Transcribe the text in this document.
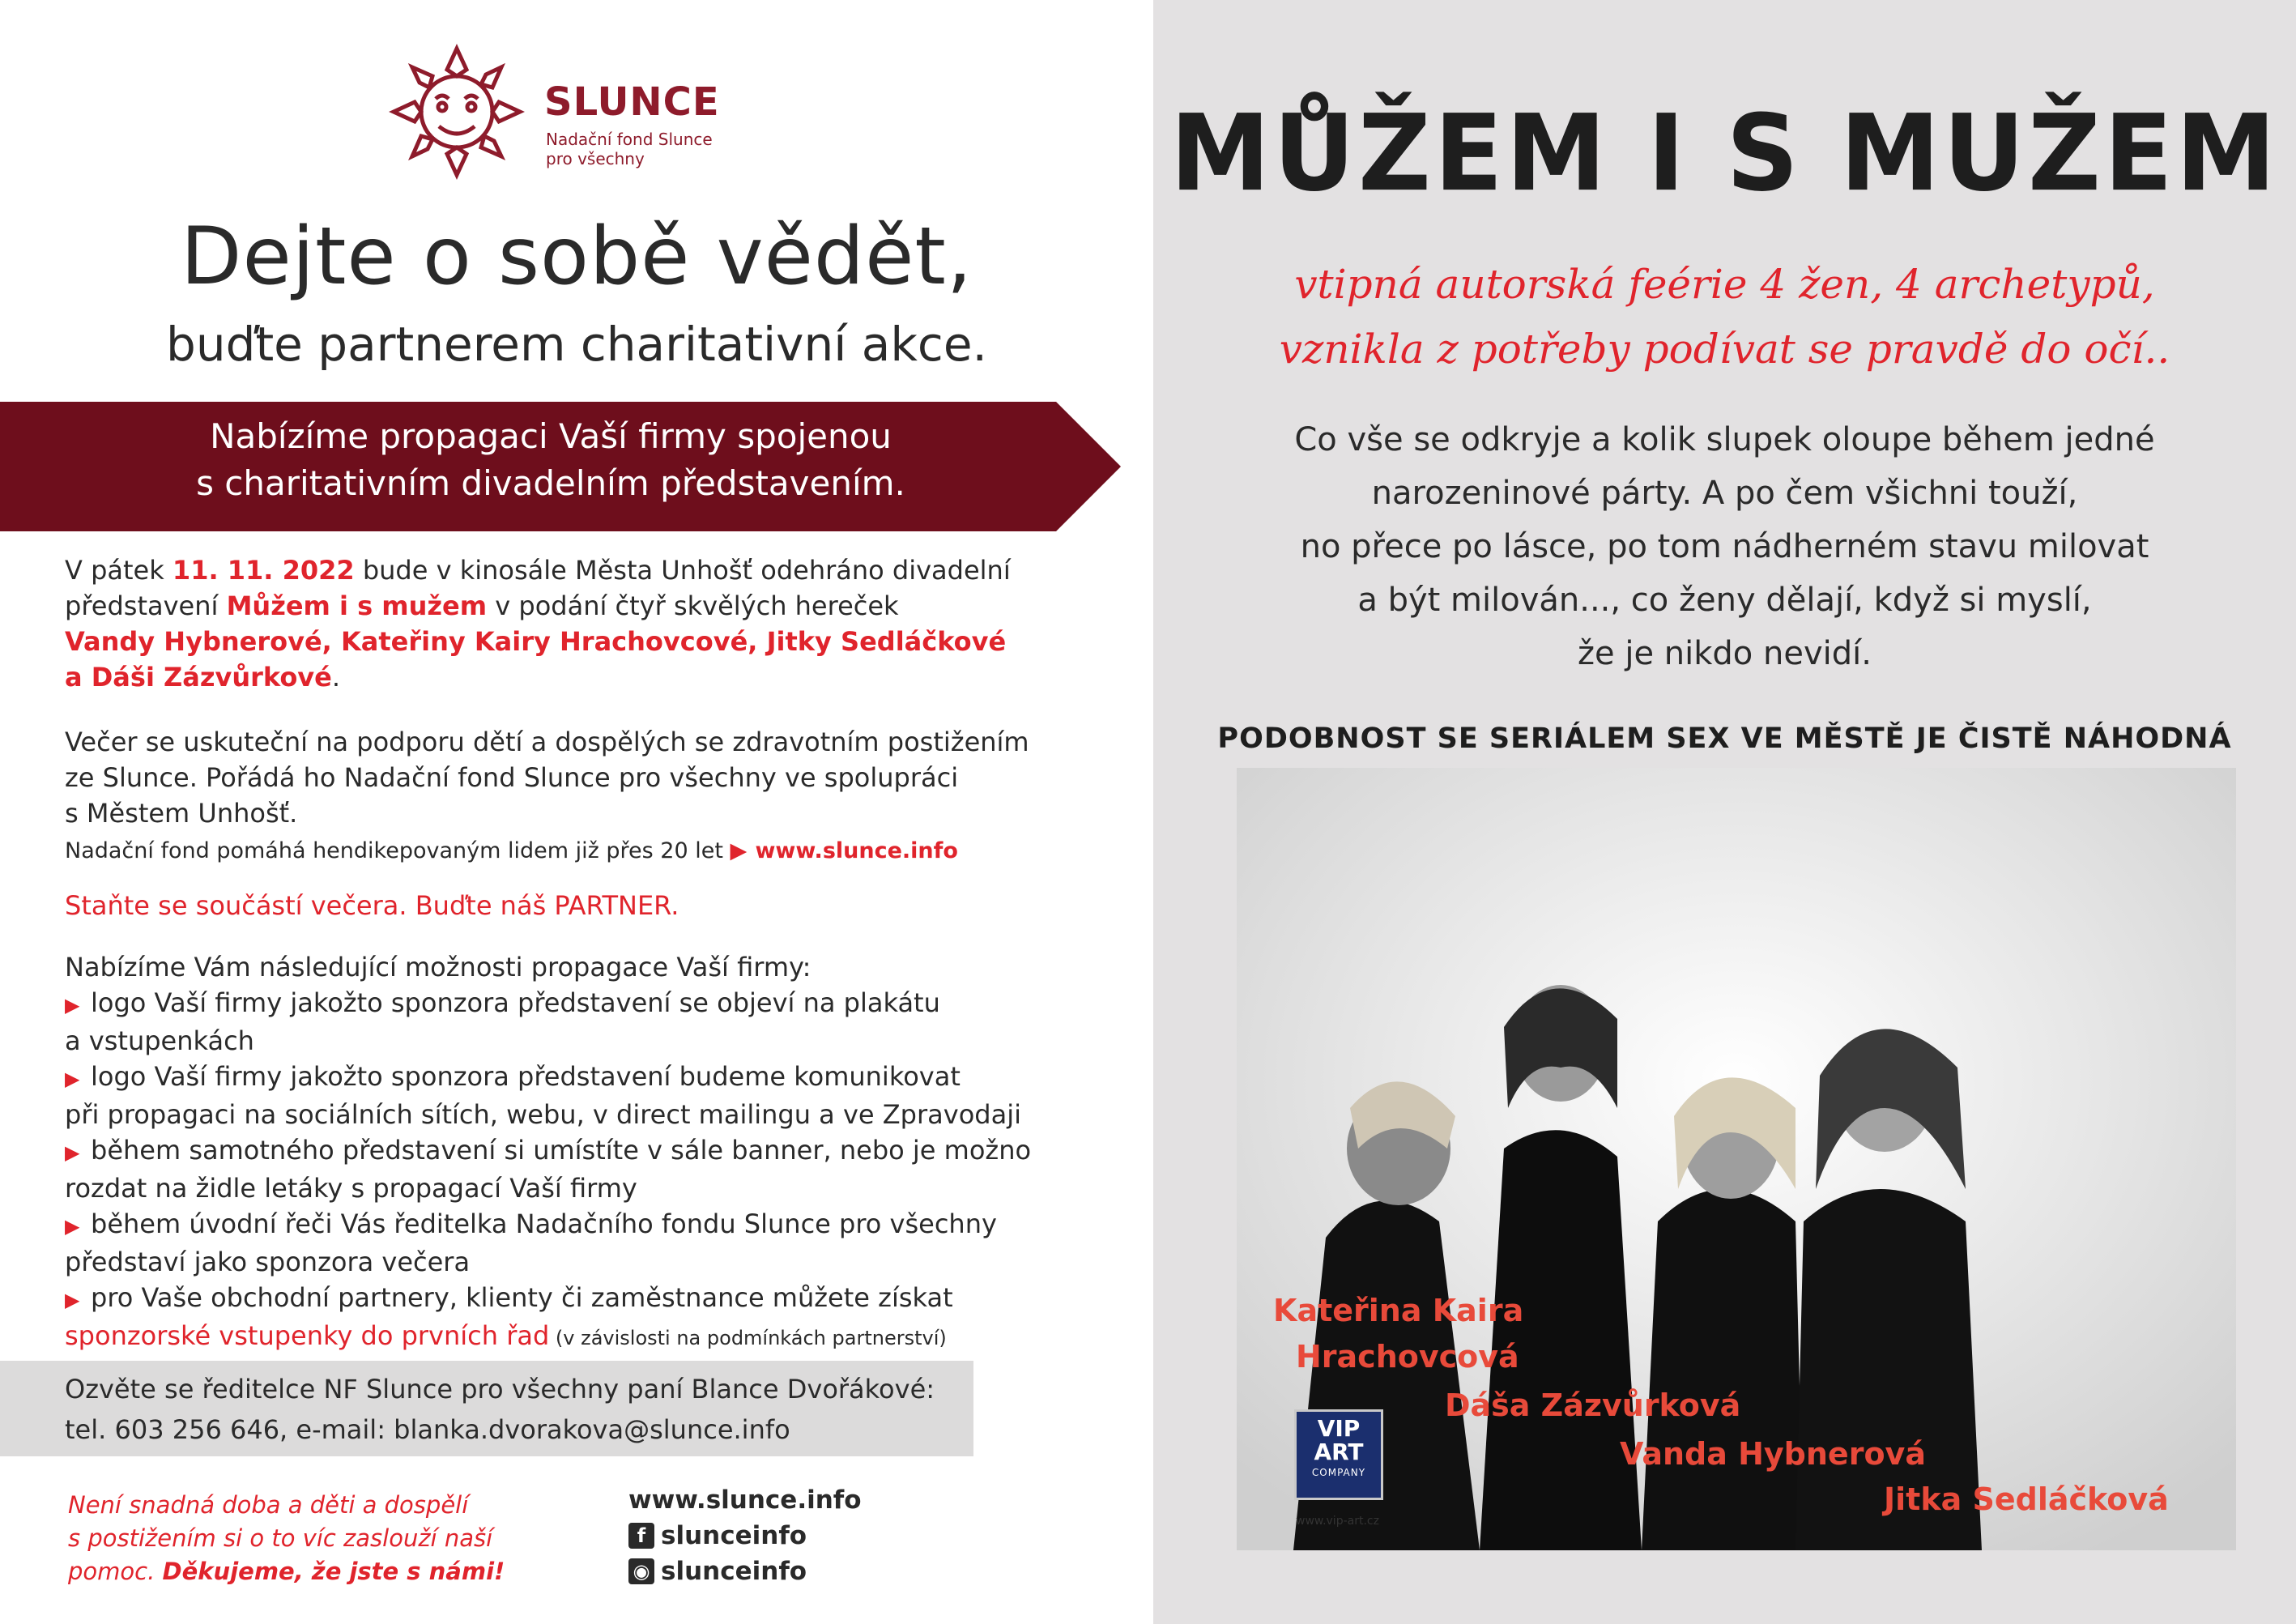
SLUNCE

Nadační fond Slunce
pro všechny

Dejte o sobě vědět,

buďte partnerem charitativní akce.

Nabízíme propagaci Vaší firmy spojenou
s charitativním divadelním představením.

V pátek 11. 11. 2022 bude v kinosále Města Unhošť odehráno divadelní
představení Můžem i s mužem v podání čtyř skvělých hereček
Vandy Hybnerové, Kateřiny Kairy Hrachovcové, Jitky Sedláčkové
a Dáši Zázvůrkové.

Večer se uskuteční na podporu dětí a dospělých se zdravotním postižením
ze Slunce. Pořádá ho Nadační fond Slunce pro všechny ve spolupráci
s Městem Unhošť.
Nadační fond pomáhá hendikepovaným lidem již přes 20 let ▶ www.slunce.info

Staňte se součástí večera. Buďte náš PARTNER.

Nabízíme Vám následující možnosti propagace Vaší firmy:
▶ logo Vaší firmy jakožto sponzora představení se objeví na plakátu
a vstupenkách
▶ logo Vaší firmy jakožto sponzora představení budeme komunikovat
při propagaci na sociálních sítích, webu, v direct mailingu a ve Zpravodaji
▶ během samotného představení si umístíte v sále banner, nebo je možno
rozdat na židle letáky s propagací Vaší firmy
▶ během úvodní řeči Vás ředitelka Nadačního fondu Slunce pro všechny
představí jako sponzora večera
▶ pro Vaše obchodní partnery, klienty či zaměstnance můžete získat
sponzorské vstupenky do prvních řad (v závislosti na podmínkách partnerství)

Ozvěte se ředitelce NF Slunce pro všechny paní Blance Dvořákové:
tel. 603 256 646, e-mail: blanka.dvorakova@slunce.info

Není snadná doba a děti a dospělí
s postižením si o to víc zaslouží naší
pomoc. Děkujeme, že jste s námi!

www.slunce.info
f slunceinfo
◉ slunceinfo

MŮŽEM I S MUŽEM

vtipná autorská feérie 4 žen, 4 archetypů,

vznikla z potřeby podívat se pravdě do očí..

Co vše se odkryje a kolik slupek oloupe během jedné
narozeninové párty. A po čem všichni touží,
no přece po lásce, po tom nádherném stavu milovat
a být milován..., co ženy dělají, když si myslí,
že je nikdo nevidí.

PODOBNOST SE SERIÁLEM SEX VE MĚSTĚ JE ČISTĚ NÁHODNÁ

Kateřina Kaira

Hrachovcová

Dáša Zázvůrková

Vanda Hybnerová

Jitka Sedláčková

VIP
ART
COMPANY
www.vip-art.cz
